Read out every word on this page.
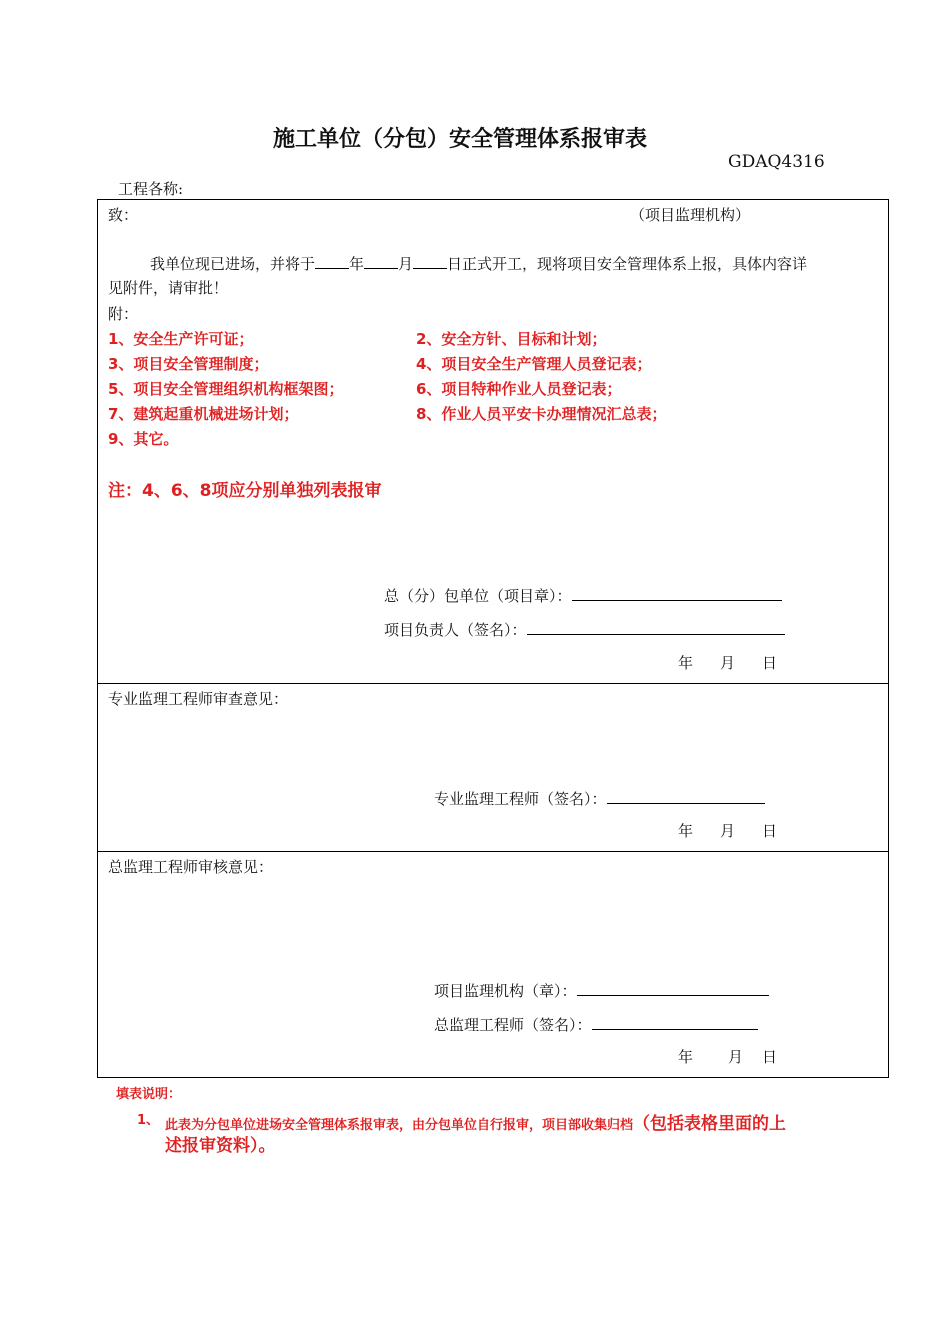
施工单位（分包）安全管理体系报审表
GDAQ4316
工程各称:
致：	（项目监理机构）
我单位现已进场，并将于 年 月 日正式开工，现将项目安全管理体系上报，具体内容详
见附件，请审批！
附：
1、安全生产许可证；
3、项目安全管理制度；
5、项目安全管理组织机构框架图；
7、建筑起重机械进场计划；
9、其它。
2、安全方针、目标和计划；
4、项目安全生产管理人员登记表；
6、项目特种作业人员登记表；
8、作业人员平安卡办理情况汇总表；
注：4、6、8项应分别单独列表报审
总（分）包单位（项目章）：
项目负责人（签名）：
年 月 日
专业监理工程师审查意见：
专业监理工程师（签名）：
年 月 日
总监理工程师审核意见：
项目监理机构（章）：
总监理工程师（签名）：
年 月 日
填表说明：
1、 此表为分包单位进场安全管理体系报审表，由分包单位自行报审，项目部收集归档（包括表格里面的上
述报审资料）。
